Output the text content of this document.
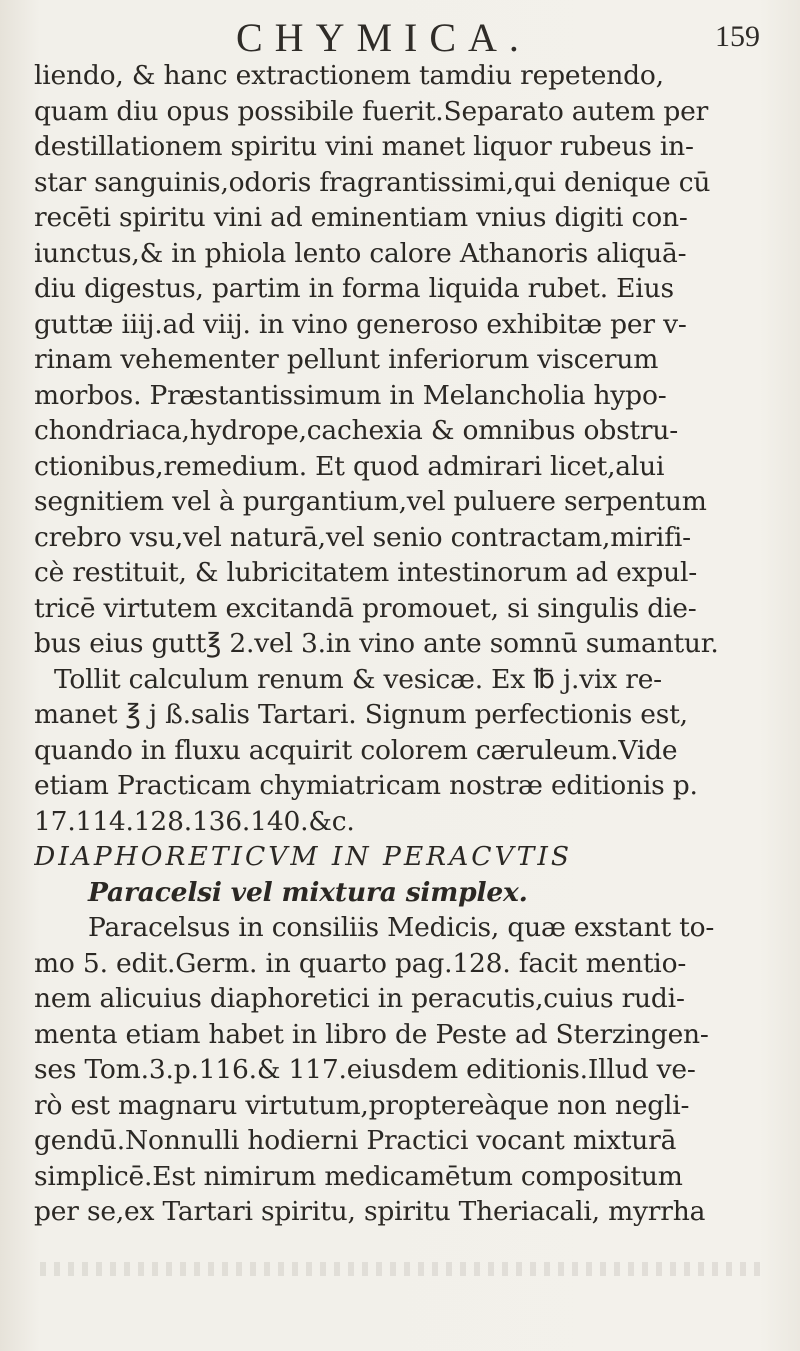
CHYMICA.	159
liendo, & hanc extractionem tamdiu repetendo,
quam diu opus possibile fuerit.Separato autem per
destillationem spiritu vini manet liquor rubeus in-
star sanguinis,odoris fragrantissimi,qui denique cū
recēti spiritu vini ad eminentiam vnius digiti con-
iunctus,& in phiola lento calore Athanoris aliquā-
diu digestus, partim in forma liquida rubet. Eius
guttæ iiij.ad viij. in vino generoso exhibitæ per v-
rinam vehementer pellunt inferiorum viscerum
morbos. Præstantissimum in Melancholia hypo-
chondriaca,hydrope,cachexia & omnibus obstru-
ctionibus,remedium. Et quod admirari licet,alui
segnitiem vel à purgantium,vel puluere serpentum
crebro vsu,vel naturā,vel senio contractam,mirifi-
cè restituit, & lubricitatem intestinorum ad expul-
tricē virtutem excitandā promouet, si singulis die-
bus eius gutt℥ 2.vel 3.in vino ante somnū sumantur.
Tollit calculum renum & vesicæ. Ex ℔ j.vix re-
manet ℥ j ß.salis Tartari. Signum perfectionis est,
quando in fluxu acquirit colorem cæruleum.Vide
etiam Practicam chymiatricam nostræ editionis p.
17.114.128.136.140.&c.
DIAPHORETICVM IN PERACVTIS
Paracelsi vel mixtura simplex.
Paracelsus in consiliis Medicis, quæ exstant to-
mo 5. edit.Germ. in quarto pag.128. facit mentio-
nem alicuius diaphoretici in peracutis,cuius rudi-
menta etiam habet in libro de Peste ad Sterzingen-
ses Tom.3.p.116.& 117.eiusdem editionis.Illud ve-
rò est magnaru virtutum,proptereàque non negli-
gendū.Nonnulli hodierni Practici vocant mixturā
simplicē.Est nimirum medicamētum compositum
per se,ex Tartari spiritu, spiritu Theriacali, myrrha
